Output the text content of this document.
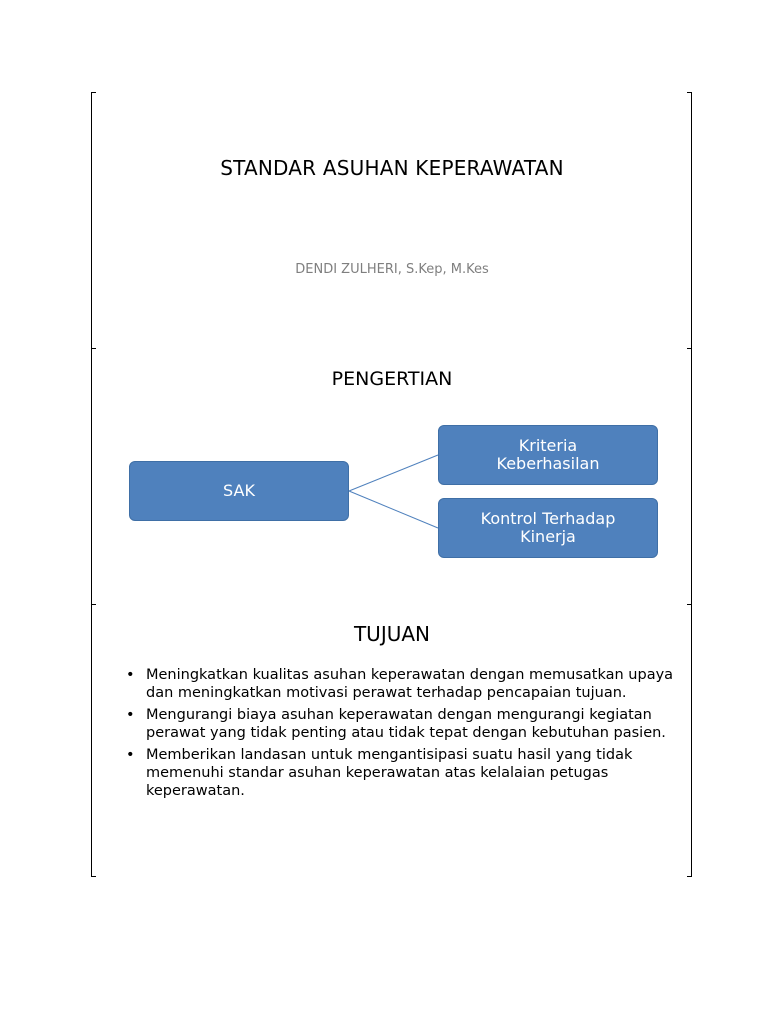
STANDAR ASUHAN KEPERAWATAN
DENDI ZULHERI, S.Kep, M.Kes
PENGERTIAN
SAK
Kriteria
Keberhasilan
Kontrol Terhadap
Kinerja
TUJUAN
• Meningkatkan kualitas asuhan keperawatan dengan memusatkan upaya dan meningkatkan motivasi perawat terhadap pencapaian tujuan.
• Mengurangi biaya asuhan keperawatan dengan mengurangi kegiatan perawat yang tidak penting atau tidak tepat dengan kebutuhan pasien.
• Memberikan landasan untuk mengantisipasi suatu hasil yang tidak memenuhi standar asuhan keperawatan atas kelalaian petugas keperawatan.
